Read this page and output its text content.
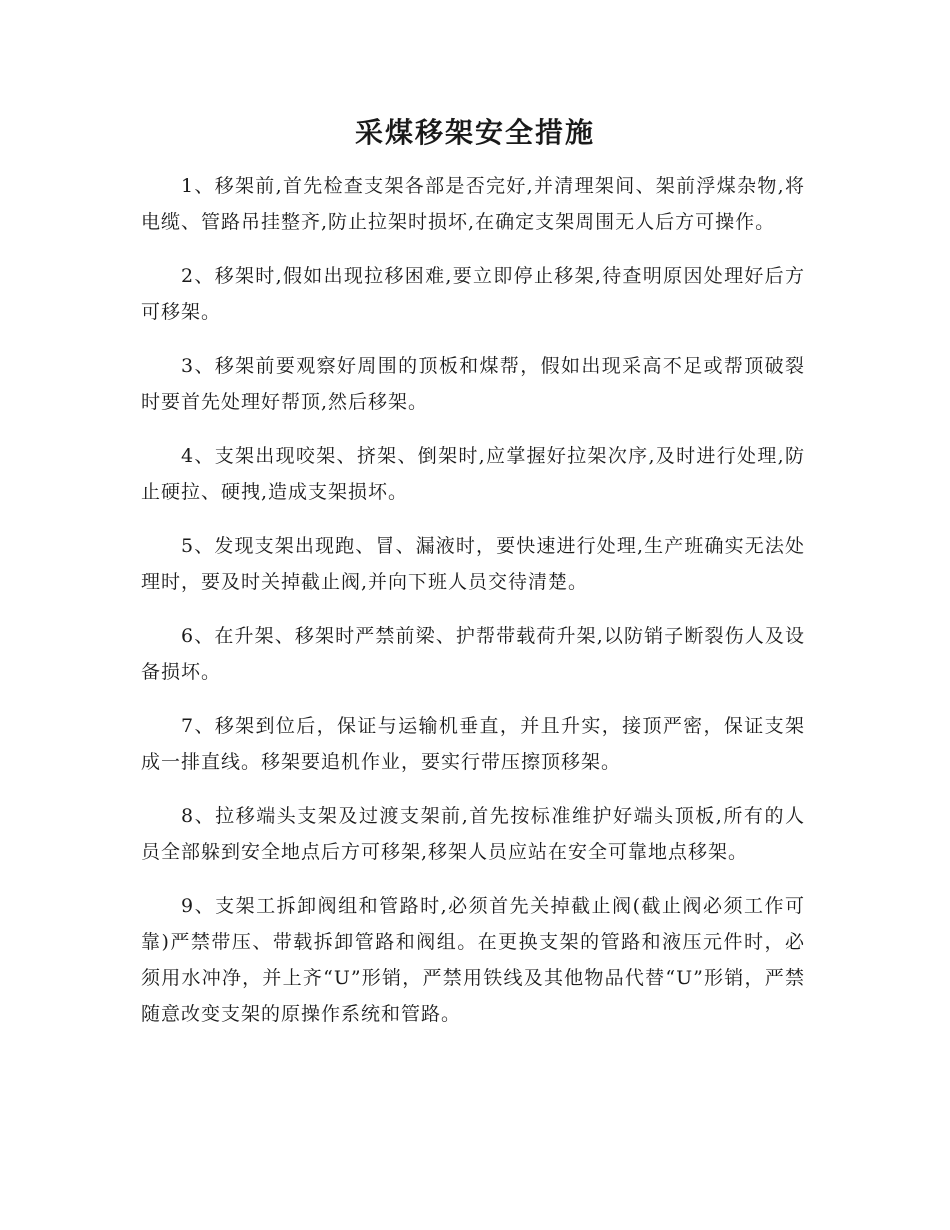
采煤移架安全措施

1、移架前,首先检查支架各部是否完好,并清理架间、架前浮煤杂物,将电缆、管路吊挂整齐,防止拉架时损坏,在确定支架周围无人后方可操作。

2、移架时,假如出现拉移困难,要立即停止移架,待查明原因处理好后方可移架。

3、移架前要观察好周围的顶板和煤帮，假如出现采高不足或帮顶破裂时要首先处理好帮顶,然后移架。

4、支架出现咬架、挤架、倒架时,应掌握好拉架次序,及时进行处理,防止硬拉、硬拽,造成支架损坏。

5、发现支架出现跑、冒、漏液时，要快速进行处理,生产班确实无法处理时，要及时关掉截止阀,并向下班人员交待清楚。

6、在升架、移架时严禁前梁、护帮带载荷升架,以防销子断裂伤人及设备损坏。

7、移架到位后，保证与运输机垂直，并且升实，接顶严密，保证支架成一排直线。移架要追机作业，要实行带压擦顶移架。

8、拉移端头支架及过渡支架前,首先按标准维护好端头顶板,所有的人员全部躲到安全地点后方可移架,移架人员应站在安全可靠地点移架。

9、支架工拆卸阀组和管路时,必须首先关掉截止阀(截止阀必须工作可靠)严禁带压、带载拆卸管路和阀组。在更换支架的管路和液压元件时，必须用水冲净，并上齐“U”形销，严禁用铁线及其他物品代替“U”形销，严禁随意改变支架的原操作系统和管路。
